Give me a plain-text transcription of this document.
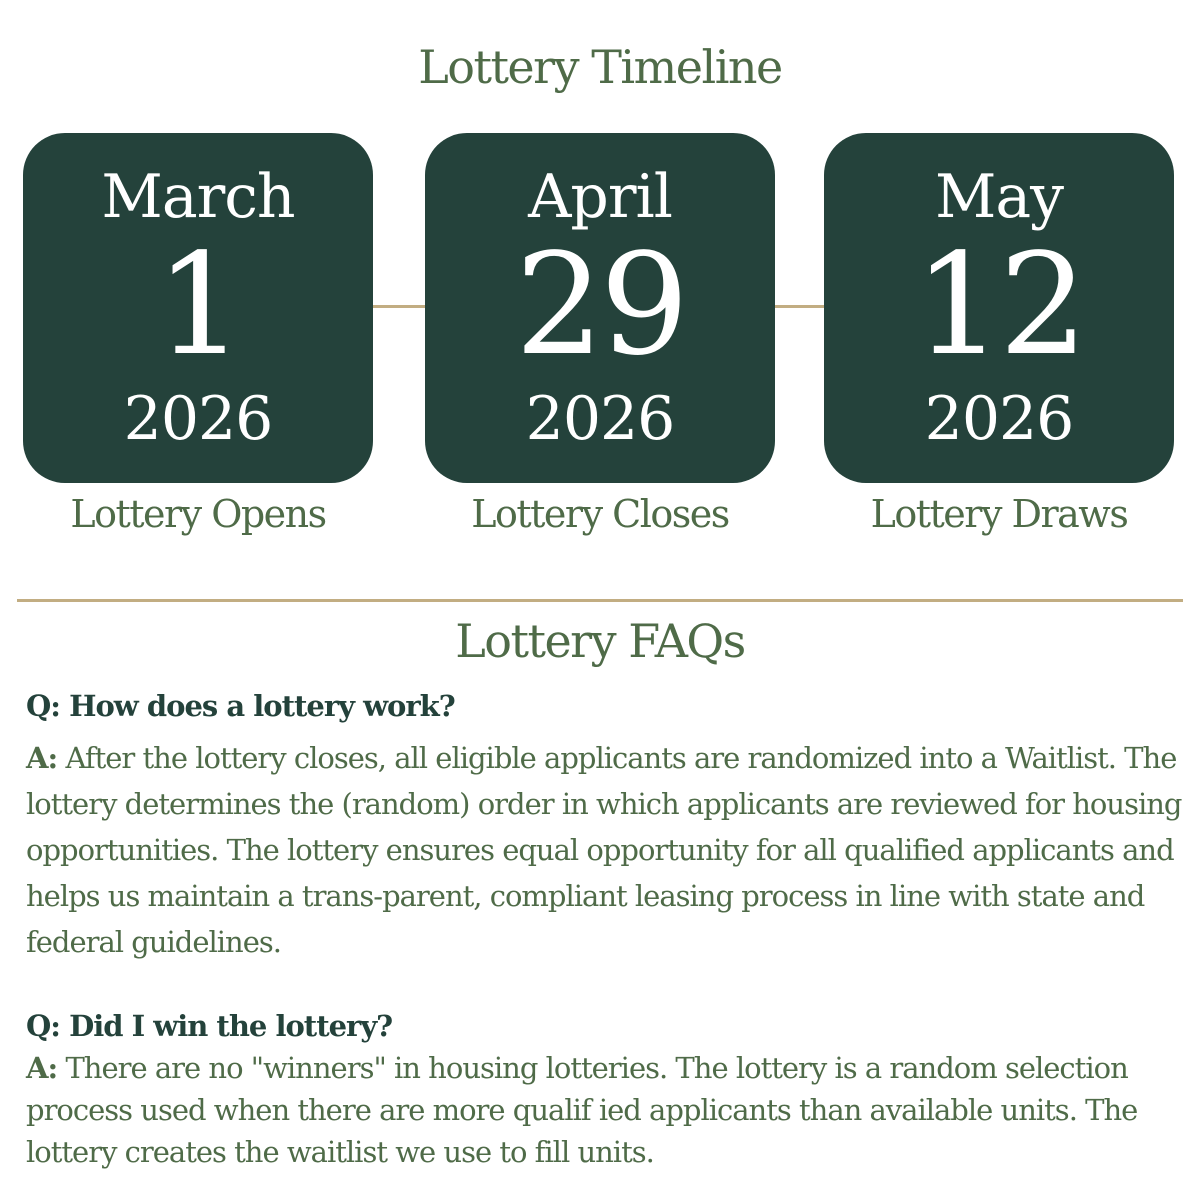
Lottery Timeline
March
1
2026
April
29
2026
May
12
2026
Lottery Opens	Lottery Closes	Lottery Draws
Lottery FAQs
Q: How does a lottery work?
A: After the lottery closes, all eligible applicants are randomized into a Waitlist. The lottery determines the (random) order in which applicants are reviewed for housing opportunities. The lottery ensures equal opportunity for all qualified applicants and helps us maintain a trans-parent, compliant leasing process in line with state and federal guidelines.
Q: Did I win the lottery?
A: There are no "winners" in housing lotteries. The lottery is a random selection process used when there are more qualif ied applicants than available units. The lottery creates the waitlist we use to fill units.
